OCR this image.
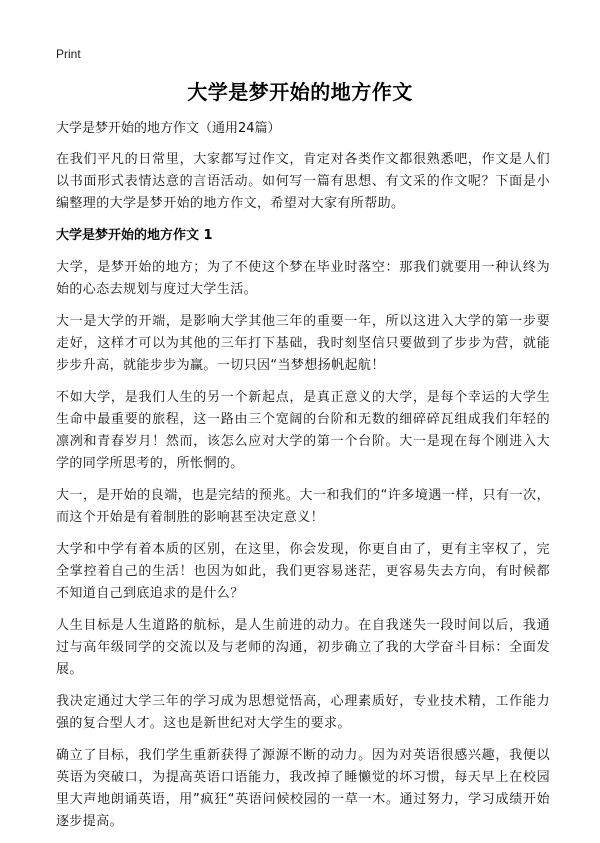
Print
大学是梦开始的地方作文

大学是梦开始的地方作文（通用24篇）

在我们平凡的日常里，大家都写过作文，肯定对各类作文都很熟悉吧，作文是人们以书面形式表情达意的言语活动。如何写一篇有思想、有文采的作文呢？下面是小编整理的大学是梦开始的地方作文，希望对大家有所帮助。

大学是梦开始的地方作文 1

大学，是梦开始的地方；为了不使这个梦在毕业时落空：那我们就要用一种认终为始的心态去规划与度过大学生活。

大一是大学的开端，是影响大学其他三年的重要一年，所以这进入大学的第一步要走好，这样才可以为其他的三年打下基础，我时刻坚信只要做到了步步为营，就能步步升高，就能步步为赢。一切只因“当梦想扬帆起航！

不如大学，是我们人生的另一个新起点，是真正意义的大学，是每个幸运的大学生生命中最重要的旅程，这一路由三个宽阔的台阶和无数的细碎碎瓦组成我们年轻的凛冽和青春岁月！然而，该怎么应对大学的第一个台阶。大一是现在每个刚进入大学的同学所思考的，所怅惘的。

大一，是开始的良端，也是完结的预兆。大一和我们的“许多境遇一样，只有一次，而这个开始是有着制胜的影响甚至决定意义！

大学和中学有着本质的区别，在这里，你会发现，你更自由了，更有主宰权了，完全掌控着自己的生活！也因为如此，我们更容易迷茫，更容易失去方向，有时候都不知道自己到底追求的是什么？

人生目标是人生道路的航标，是人生前进的动力。在自我迷失一段时间以后，我通过与高年级同学的交流以及与老师的沟通，初步确立了我的大学奋斗目标：全面发展。

我决定通过大学三年的学习成为思想觉悟高，心理素质好，专业技术精，工作能力强的复合型人才。这也是新世纪对大学生的要求。

确立了目标，我们学生重新获得了源源不断的动力。因为对英语很感兴趣，我便以英语为突破口，为提高英语口语能力，我改掉了睡懒觉的坏习惯，每天早上在校园里大声地朗诵英语，用”疯狂“英语问候校园的一草一木。通过努力，学习成绩开始逐步提高。
